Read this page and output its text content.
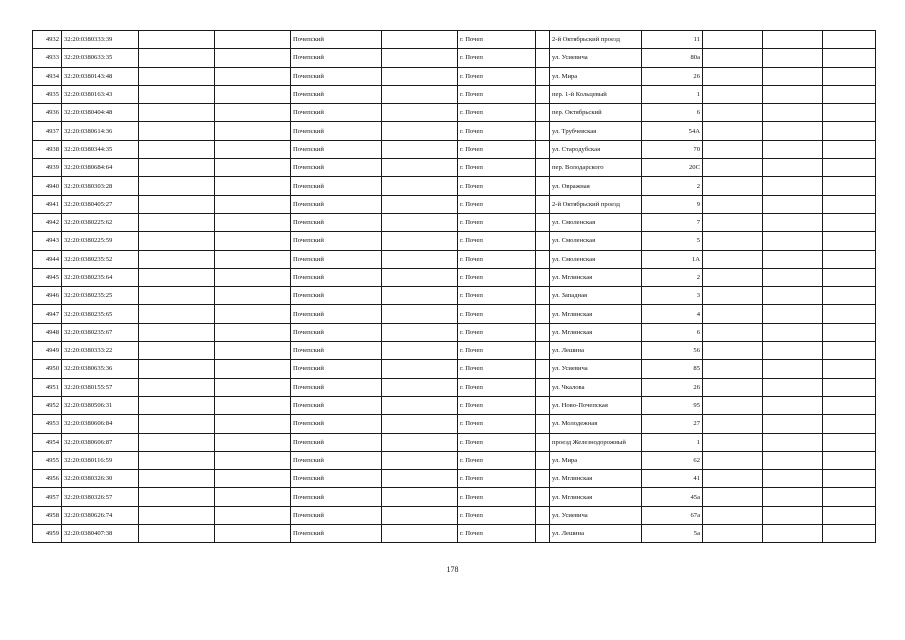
4932	32:20:0380333:39			Почепский		г. Почеп		2-й Октябрьский проезд	11			
4933	32:20:0380633:35			Почепский		г. Почеп		ул. Усиевича	80а			
4934	32:20:0380143:48			Почепский		г. Почеп		ул. Мира	26			
4935	32:20:0380163:43			Почепский		г. Почеп		пер. 1-й Кольцевый	1			
4936	32:20:0380404:48			Почепский		г. Почеп		пер. Октябрьский	6			
4937	32:20:0380614:36			Почепский		г. Почеп		ул. Трубчевская	54А			
4938	32:20:0380344:35			Почепский		г. Почеп		ул. Стародубская	70			
4939	32:20:0380684:64			Почепский		г. Почеп		пер. Володарского	20С			
4940	32:20:0380303:28			Почепский		г. Почеп		ул. Овражная	2			
4941	32:20:0380405:27			Почепский		г. Почеп		2-й Октябрьский проезд	9			
4942	32:20:0380225:62			Почепский		г. Почеп		ул. Смоленская	7			
4943	32:20:0380225:59			Почепский		г. Почеп		ул. Смоленская	5			
4944	32:20:0380235:52			Почепский		г. Почеп		ул. Смоленская	1А			
4945	32:20:0380235:64			Почепский		г. Почеп		ул. Мглинская	2			
4946	32:20:0380235:25			Почепский		г. Почеп		ул. Западная	3			
4947	32:20:0380235:65			Почепский		г. Почеп		ул. Мглинская	4			
4948	32:20:0380235:67			Почепский		г. Почеп		ул. Мглинская	6			
4949	32:20:0380333:22			Почепский		г. Почеп		ул. Лешина	56			
4950	32:20:0380635:36			Почепский		г. Почеп		ул. Усиевича	85			
4951	32:20:0380155:57			Почепский		г. Почеп		ул. Чкалова	26			
4952	32:20:0380506:31			Почепский		г. Почеп		ул. Ново-Почепская	95			
4953	32:20:0380606:84			Почепский		г. Почеп		ул. Молодежная	27			
4954	32:20:0380606:87			Почепский		г. Почеп		проезд Железнодорожный	1			
4955	32:20:0380116:59			Почепский		г. Почеп		ул. Мира	62			
4956	32:20:0380326:30			Почепский		г. Почеп		ул. Мглинская	41			
4957	32:20:0380326:57			Почепский		г. Почеп		ул. Мглинская	45а			
4958	32:20:0380626:74			Почепский		г. Почеп		ул. Усиевича	67а			
4959	32:20:0380407:38			Почепский		г. Почеп		ул. Лешина	5а			
178
